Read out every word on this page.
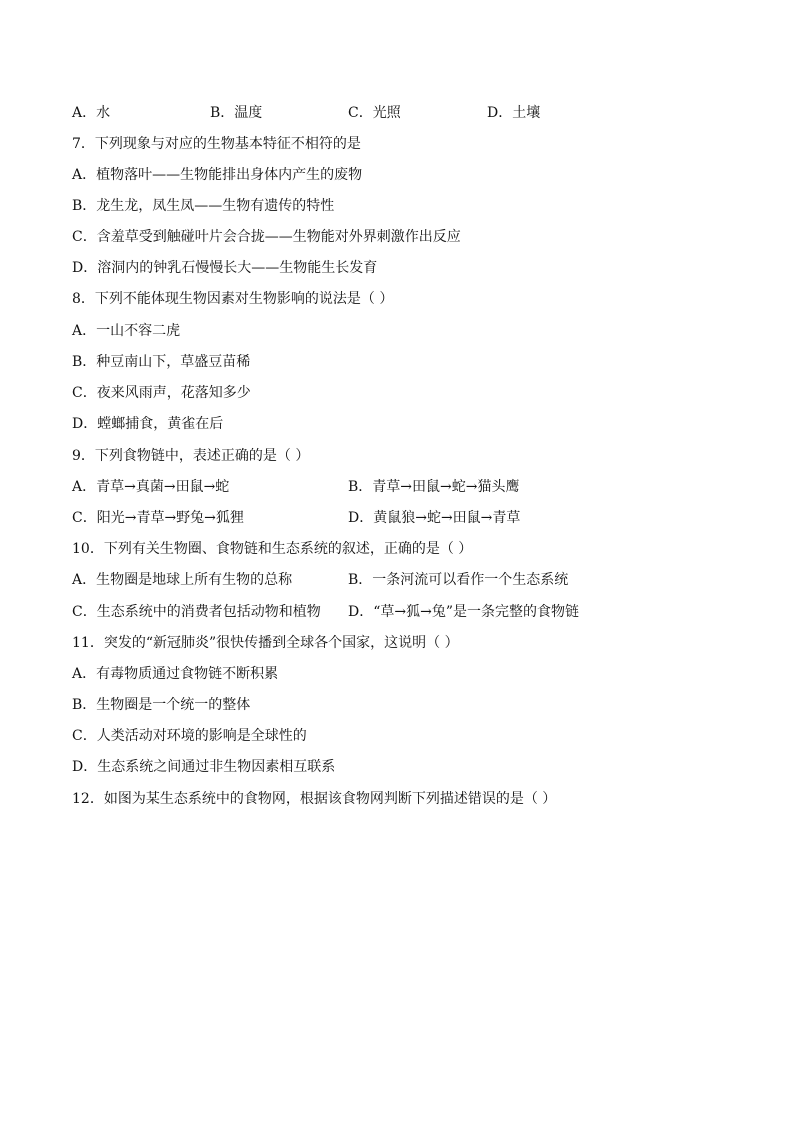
A．水	B．温度	C．光照	D．土壤
7．下列现象与对应的生物基本特征不相符的是
A．植物落叶——生物能排出身体内产生的废物
B．龙生龙，凤生凤——生物有遗传的特性
C．含羞草受到触碰叶片会合拢——生物能对外界刺激作出反应
D．溶洞内的钟乳石慢慢长大——生物能生长发育
8．下列不能体现生物因素对生物影响的说法是（ ）
A．一山不容二虎
B．种豆南山下，草盛豆苗稀
C．夜来风雨声，花落知多少
D．螳螂捕食，黄雀在后
9．下列食物链中，表述正确的是（ ）
A．青草→真菌→田鼠→蛇	B．青草→田鼠→蛇→猫头鹰
C．阳光→青草→野兔→狐狸	D．黄鼠狼→蛇→田鼠→青草
10．下列有关生物圈、食物链和生态系统的叙述，正确的是（ ）
A．生物圈是地球上所有生物的总称	B．一条河流可以看作一个生态系统
C．生态系统中的消费者包括动物和植物 D．“草→狐→兔”是一条完整的食物链
11．突发的“新冠肺炎”很快传播到全球各个国家，这说明（ ）
A．有毒物质通过食物链不断积累
B．生物圈是一个统一的整体
C．人类活动对环境的影响是全球性的
D．生态系统之间通过非生物因素相互联系
12．如图为某生态系统中的食物网，根据该食物网判断下列描述错误的是（ ）
